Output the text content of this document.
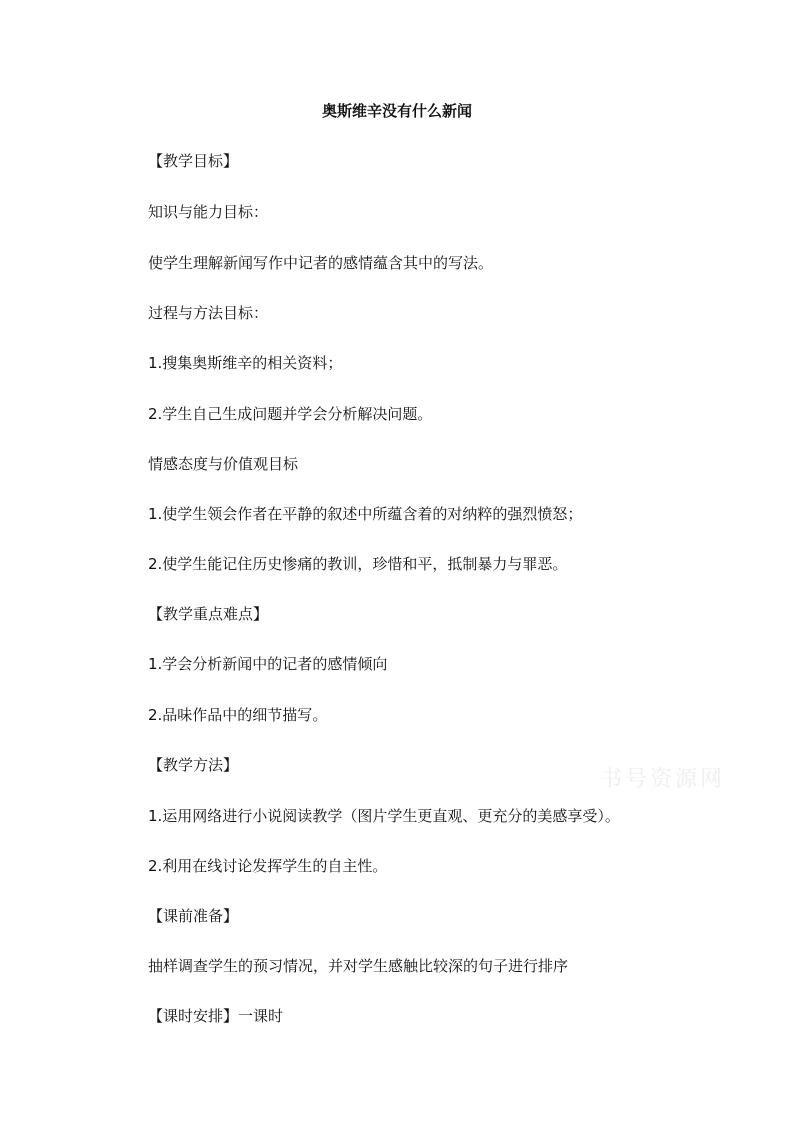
奥斯维辛没有什么新闻
【教学目标】
知识与能力目标：
使学生理解新闻写作中记者的感情蕴含其中的写法。
过程与方法目标：
1.搜集奥斯维辛的相关资料；
2.学生自己生成问题并学会分析解决问题。
情感态度与价值观目标
1.使学生领会作者在平静的叙述中所蕴含着的对纳粹的强烈愤怒；
2.使学生能记住历史惨痛的教训，珍惜和平，抵制暴力与罪恶。
【教学重点难点】
1.学会分析新闻中的记者的感情倾向
2.品味作品中的细节描写。
【教学方法】
1.运用网络进行小说阅读教学（图片学生更直观、更充分的美感享受）。
2.利用在线讨论发挥学生的自主性。
【课前准备】
抽样调查学生的预习情况，并对学生感触比较深的句子进行排序
【课时安排】一课时
书号资源网
